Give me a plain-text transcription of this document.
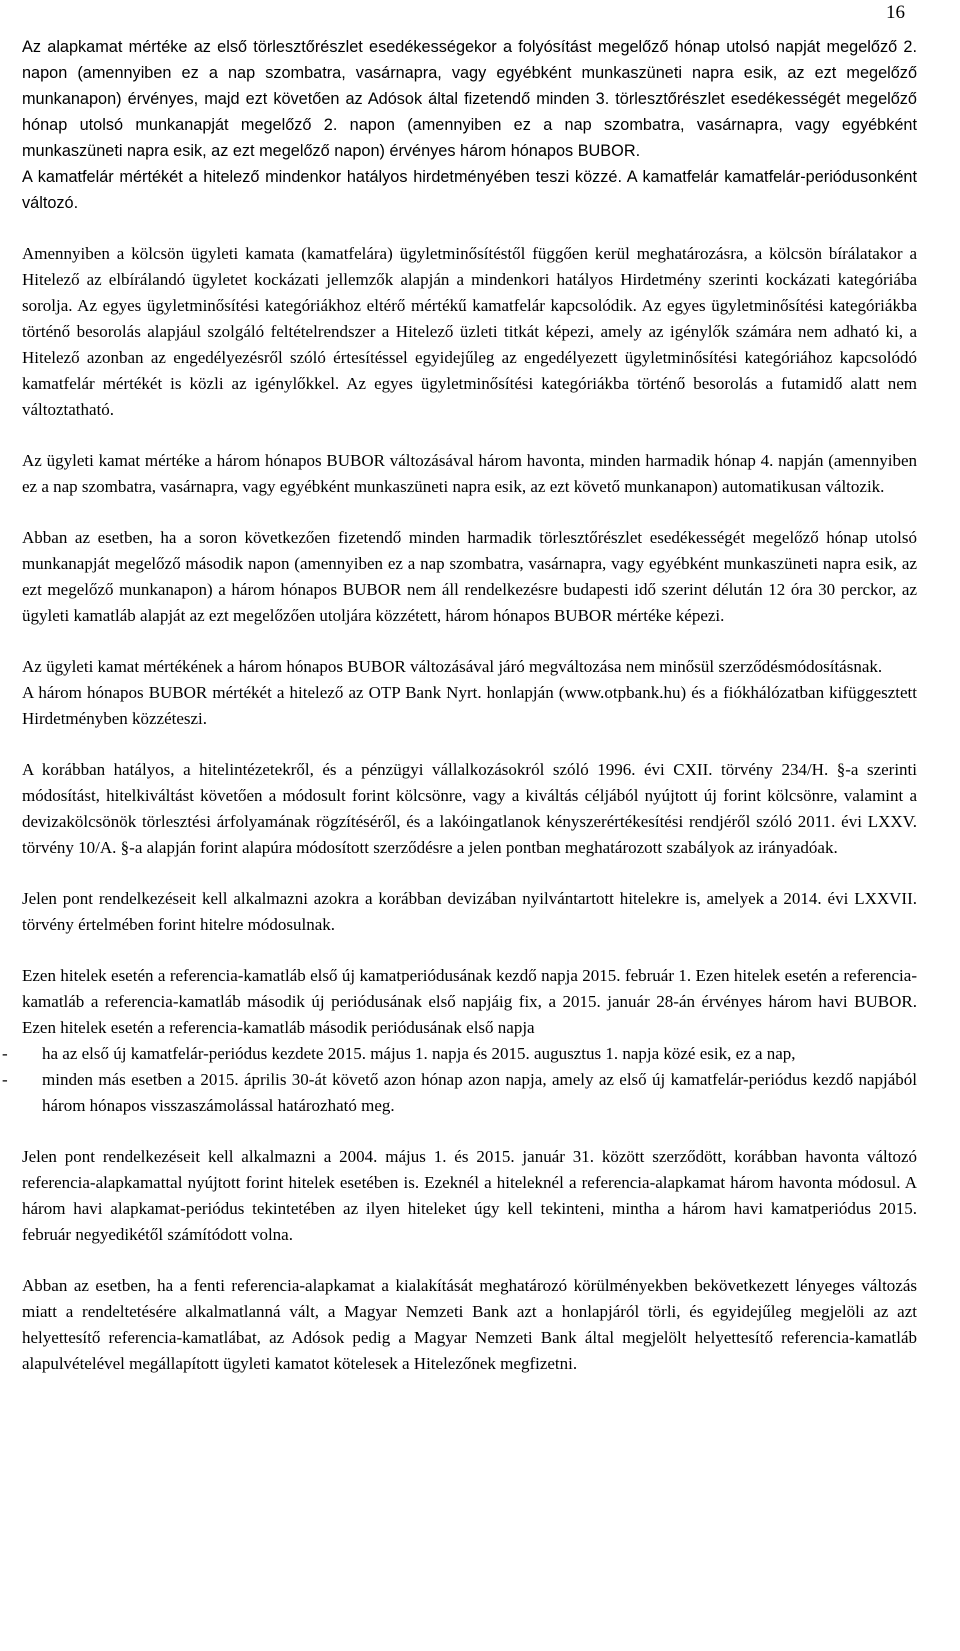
16

Az alapkamat mértéke az első törlesztőrészlet esedékességekor a folyósítást megelőző hónap utolsó napját megelőző 2. napon (amennyiben ez a nap szombatra, vasárnapra, vagy egyébként munkaszüneti napra esik, az ezt megelőző munkanapon) érvényes, majd ezt követően az Adósok által fizetendő minden 3. törlesztőrészlet esedékességét megelőző hónap utolsó munkanapját megelőző 2. napon (amennyiben ez a nap szombatra, vasárnapra, vagy egyébként munkaszüneti napra esik, az ezt megelőző napon) érvényes három hónapos BUBOR.

A kamatfelár mértékét a hitelező mindenkor hatályos hirdetményében teszi közzé. A kamatfelár kamatfelár-periódusonként változó.

Amennyiben a kölcsön ügyleti kamata (kamatfelára) ügyletminősítéstől függően kerül meghatározásra, a kölcsön bírálatakor a Hitelező az elbírálandó ügyletet kockázati jellemzők alapján a mindenkori hatályos Hirdetmény szerinti kockázati kategóriába sorolja. Az egyes ügyletminősítési kategóriákhoz eltérő mértékű kamatfelár kapcsolódik. Az egyes ügyletminősítési kategóriákba történő besorolás alapjául szolgáló feltételrendszer a Hitelező üzleti titkát képezi, amely az igénylők számára nem adható ki, a Hitelező azonban az engedélyezésről szóló értesítéssel egyidejűleg az engedélyezett ügyletminősítési kategóriához kapcsolódó kamatfelár mértékét is közli az igénylőkkel. Az egyes ügyletminősítési kategóriákba történő besorolás a futamidő alatt nem változtatható.

Az ügyleti kamat mértéke a három hónapos BUBOR változásával három havonta, minden harmadik hónap 4. napján (amennyiben ez a nap szombatra, vasárnapra, vagy egyébként munkaszüneti napra esik, az ezt követő munkanapon) automatikusan változik.

Abban az esetben, ha a soron következően fizetendő minden harmadik törlesztőrészlet esedékességét megelőző hónap utolsó munkanapját megelőző második napon (amennyiben ez a nap szombatra, vasárnapra, vagy egyébként munkaszüneti napra esik, az ezt megelőző munkanapon) a három hónapos BUBOR nem áll rendelkezésre budapesti idő szerint délután 12 óra 30 perckor, az ügyleti kamatláb alapját az ezt megelőzően utoljára közzétett, három hónapos BUBOR mértéke képezi.

Az ügyleti kamat mértékének a három hónapos BUBOR változásával járó megváltozása nem minősül szerződésmódosításnak.

A három hónapos BUBOR mértékét a hitelező az OTP Bank Nyrt. honlapján (www.otpbank.hu) és a fiókhálózatban kifüggesztett Hirdetményben közzéteszi.

A korábban hatályos, a hitelintézetekről, és a pénzügyi vállalkozásokról szóló 1996. évi CXII. törvény 234/H. §-a szerinti módosítást, hitelkiváltást követően a módosult forint kölcsönre, vagy a kiváltás céljából nyújtott új forint kölcsönre, valamint a devizakölcsönök törlesztési árfolyamának rögzítéséről, és a lakóingatlanok kényszerértékesítési rendjéről szóló 2011. évi LXXV. törvény 10/A. §-a alapján forint alapúra módosított szerződésre a jelen pontban meghatározott szabályok az irányadóak.

Jelen pont rendelkezéseit kell alkalmazni azokra a korábban devizában nyilvántartott hitelekre is, amelyek a 2014. évi LXXVII. törvény értelmében forint hitelre módosulnak.

Ezen hitelek esetén a referencia-kamatláb első új kamatperiódusának kezdő napja 2015. február 1. Ezen hitelek esetén a referencia-kamatláb a referencia-kamatláb második új periódusának első napjáig fix, a 2015. január 28-án érvényes három havi BUBOR. Ezen hitelek esetén a referencia-kamatláb második periódusának első napja

- ha az első új kamatfelár-periódus kezdete 2015. május 1. napja és 2015. augusztus 1. napja közé esik, ez a nap,
- minden más esetben a 2015. április 30-át követő azon hónap azon napja, amely az első új kamatfelár-periódus kezdő napjából három hónapos visszaszámolással határozható meg.

Jelen pont rendelkezéseit kell alkalmazni a 2004. május 1. és 2015. január 31. között szerződött, korábban havonta változó referencia-alapkamattal nyújtott forint hitelek esetében is. Ezeknél a hiteleknél a referencia-alapkamat három havonta módosul. A három havi alapkamat-periódus tekintetében az ilyen hiteleket úgy kell tekinteni, mintha a három havi kamatperiódus 2015. február negyedikétől számítódott volna.

Abban az esetben, ha a fenti referencia-alapkamat a kialakítását meghatározó körülményekben bekövetkezett lényeges változás miatt a rendeltetésére alkalmatlanná vált, a Magyar Nemzeti Bank azt a honlapjáról törli, és egyidejűleg megjelöli az azt helyettesítő referencia-kamatlábat, az Adósok pedig a Magyar Nemzeti Bank által megjelölt helyettesítő referencia-kamatláb alapulvételével megállapított ügyleti kamatot kötelesek a Hitelezőnek megfizetni.
